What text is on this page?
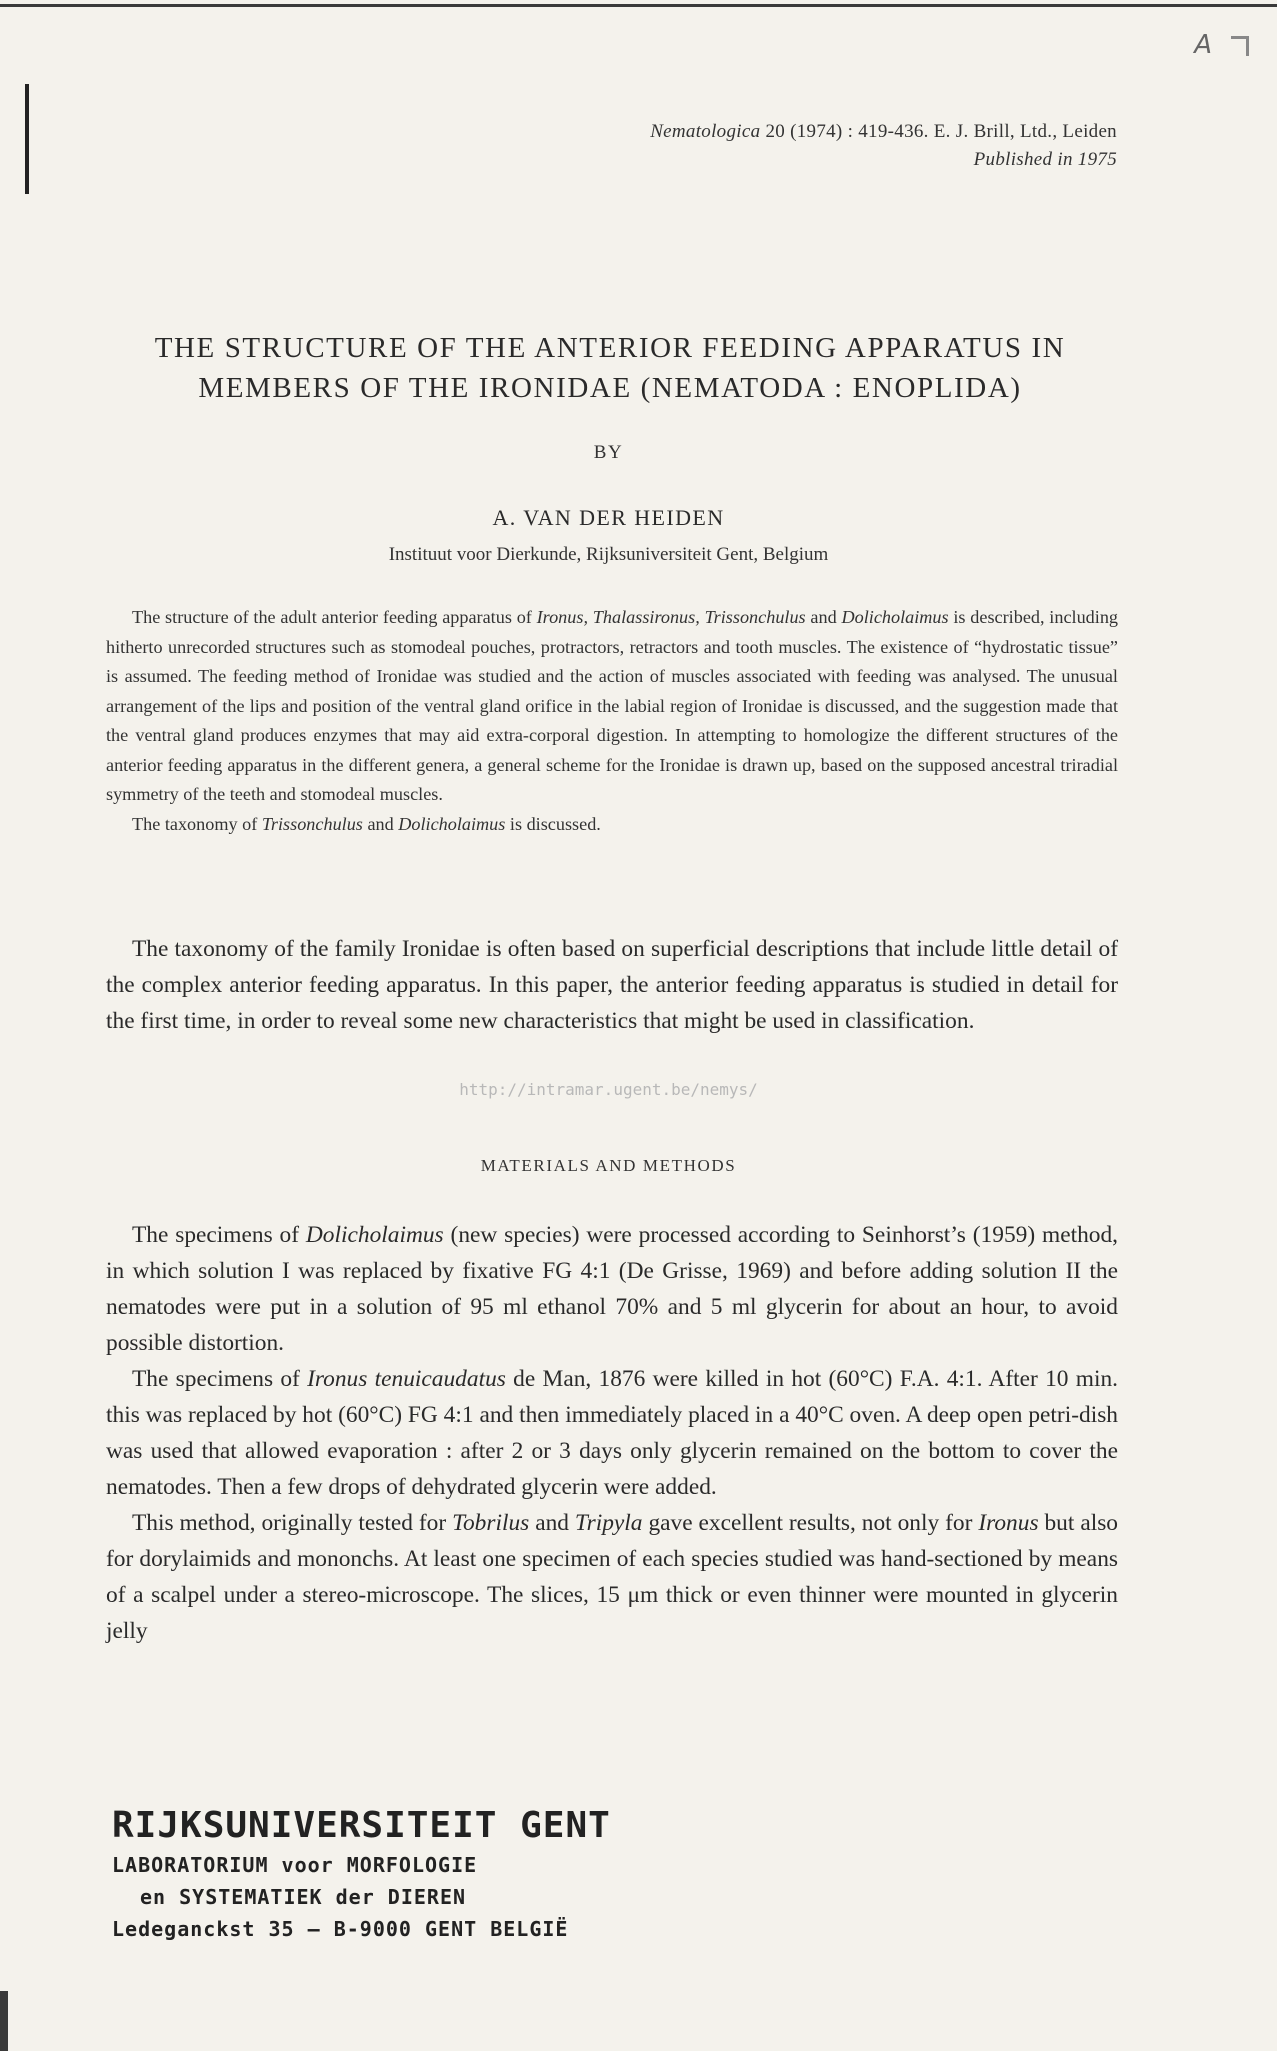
A
Nematologica 20 (1974) : 419-436. E. J. Brill, Ltd., Leiden
Published in 1975
THE STRUCTURE OF THE ANTERIOR FEEDING APPARATUS IN
MEMBERS OF THE IRONIDAE (NEMATODA : ENOPLIDA)
BY
A. VAN DER HEIDEN
Instituut voor Dierkunde, Rijksuniversiteit Gent, Belgium

The structure of the adult anterior feeding apparatus of Ironus, Thalassironus, Trissonchulus and Dolicholaimus is described, including hitherto unrecorded structures such as stomodeal pouches, protractors, retractors and tooth muscles. The existence of “hydrostatic tissue” is assumed. The feeding method of Ironidae was studied and the action of muscles associated with feeding was analysed. The unusual arrangement of the lips and position of the ventral gland orifice in the labial region of Ironidae is discussed, and the suggestion made that the ventral gland produces enzymes that may aid extra-corporal digestion. In attempting to homologize the different structures of the anterior feeding apparatus in the different genera, a general scheme for the Ironidae is drawn up, based on the supposed ancestral triradial symmetry of the teeth and stomodeal muscles.

The taxonomy of Trissonchulus and Dolicholaimus is discussed.

The taxonomy of the family Ironidae is often based on superficial descriptions that include little detail of the complex anterior feeding apparatus. In this paper, the anterior feeding apparatus is studied in detail for the first time, in order to reveal some new characteristics that might be used in classification.

http://intramar.ugent.be/nemys/
MATERIALS AND METHODS

The specimens of Dolicholaimus (new species) were processed according to Seinhorst’s (1959) method, in which solution I was replaced by fixative FG 4:1 (De Grisse, 1969) and before adding solution II the nematodes were put in a solution of 95 ml ethanol 70% and 5 ml glycerin for about an hour, to avoid possible distortion.

The specimens of Ironus tenuicaudatus de Man, 1876 were killed in hot (60°C) F.A. 4:1. After 10 min. this was replaced by hot (60°C) FG 4:1 and then immediately placed in a 40°C oven. A deep open petri-dish was used that allowed evaporation : after 2 or 3 days only glycerin remained on the bottom to cover the nematodes. Then a few drops of dehydrated glycerin were added.

This method, originally tested for Tobrilus and Tripyla gave excellent results, not only for Ironus but also for dorylaimids and mononchs. At least one specimen of each species studied was hand-sectioned by means of a scalpel under a stereo-microscope. The slices, 15 μm thick or even thinner were mounted in glycerin jelly

RIJKSUNIVERSITEIT GENT
LABORATORIUM voor MORFOLOGIE
en SYSTEMATIEK der DIEREN
Ledeganckst 35 – B-9000 GENT BELGIË
